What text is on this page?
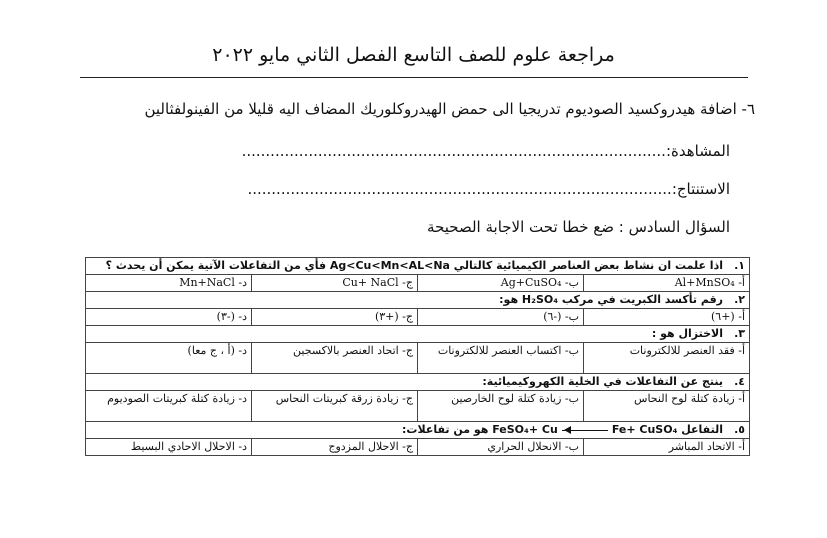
مراجعة علوم للصف التاسع الفصل الثاني مايو ٢٠٢٢
٦- اضافة هيدروكسيد الصوديوم تدريجيا الى حمض الهيدروكلوريك المضاف اليه قليلا من الفينولفثالين
المشاهدة:.........................................................................................
الاستنتاج:.........................................................................................
السؤال السادس : ضع خطا تحت الاجابة الصحيحة
١.اذا علمت ان نشاط بعض العناصر الكيميائية كالتالي Ag<Cu<Mn<AL<Na فأي من التفاعلات الآتية يمكن أن يحدث ؟			
أ- Al+MnSO₄	ب- Ag+CuSO₄	ج- Cu+ NaCl	د- Mn+NaCl
٢.رقم تأكسد الكبريت في مركب H₂SO₄ هو:			
أ- (+٦)	ب- (-٦)	ج- (+٣)	د- (-٣)
٣.الاختزال هو :			
أ- فقد العنصر للالكترونات	ب- اكتساب العنصر للالكترونات	ج- اتحاد العنصر بالاكسجين	د- (أ ، ج معا)
٤.ينتج عن التفاعلات في الخلية الكهروكيميائية:			
أ- زيادة كتلة لوح النحاس	ب- زيادة كتلة لوح الخارصين	ج- زيادة زرقة كبريتات النحاس	د- زيادة كتلة كبريتات الصوديوم
٥.التفاعل FeSO₄+ CuFe+ CuSO₄ هو من تفاعلات:			
أ- الاتحاد المباشر	ب- الانحلال الحراري	ج- الاحلال المزدوج	د- الاحلال الاحادي البسيط
